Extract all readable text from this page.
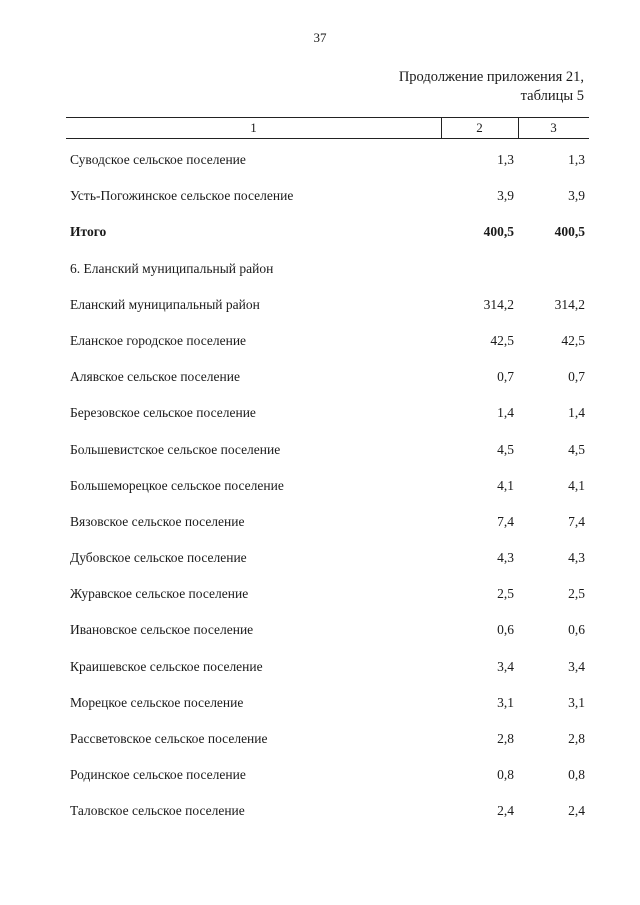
37
Продолжение приложения 21,
таблицы 5
1	2	3
Суводское сельское поселение	1,3	1,3
Усть-Погожинское сельское поселение	3,9	3,9
Итого	400,5	400,5
6. Еланский муниципальный район
Еланский муниципальный район	314,2	314,2
Еланское городское поселение	42,5	42,5
Алявское сельское поселение	0,7	0,7
Березовское сельское поселение	1,4	1,4
Большевистское сельское поселение	4,5	4,5
Большеморецкое сельское поселение	4,1	4,1
Вязовское сельское поселение	7,4	7,4
Дубовское сельское поселение	4,3	4,3
Журавское сельское поселение	2,5	2,5
Ивановское сельское поселение	0,6	0,6
Краишевское сельское поселение	3,4	3,4
Морецкое сельское поселение	3,1	3,1
Рассветовское сельское поселение	2,8	2,8
Родинское сельское поселение	0,8	0,8
Таловское сельское поселение	2,4	2,4
